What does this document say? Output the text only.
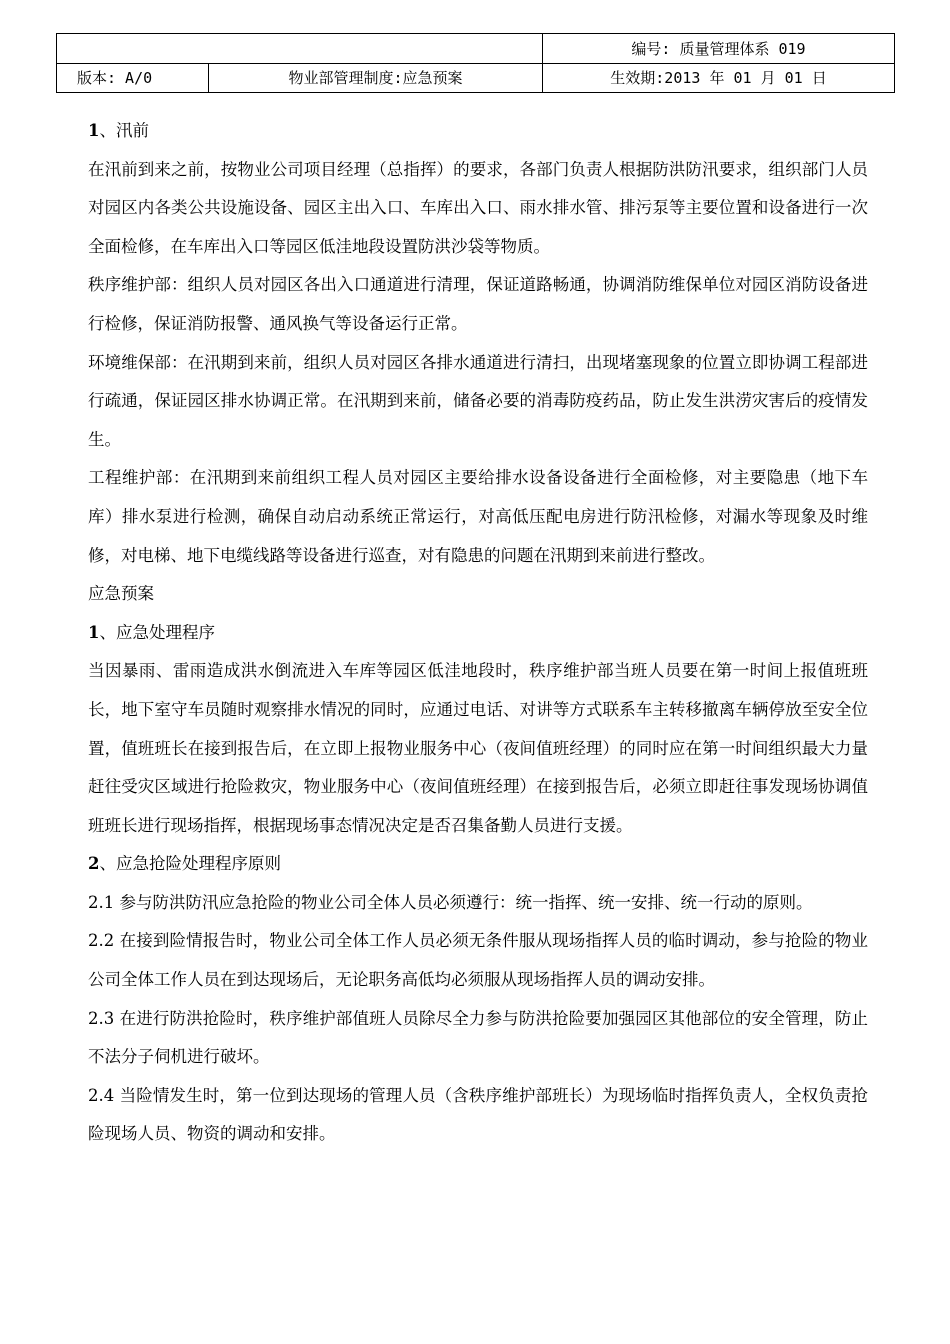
		编号: 质量管理体系 019
版本: A/0	物业部管理制度:应急预案	生效期:2013 年 01 月 01 日

1、汛前

在汛前到来之前，按物业公司项目经理（总指挥）的要求，各部门负责人根据防洪防汛要求，组织部门人员对园区内各类公共设施设备、园区主出入口、车库出入口、雨水排水管、排污泵等主要位置和设备进行一次全面检修，在车库出入口等园区低洼地段设置防洪沙袋等物质。

秩序维护部：组织人员对园区各出入口通道进行清理，保证道路畅通，协调消防维保单位对园区消防设备进行检修，保证消防报警、通风换气等设备运行正常。

环境维保部：在汛期到来前，组织人员对园区各排水通道进行清扫，出现堵塞现象的位置立即协调工程部进行疏通，保证园区排水协调正常。在汛期到来前，储备必要的消毒防疫药品，防止发生洪涝灾害后的疫情发生。

工程维护部：在汛期到来前组织工程人员对园区主要给排水设备设备进行全面检修，对主要隐患（地下车库）排水泵进行检测，确保自动启动系统正常运行，对高低压配电房进行防汛检修，对漏水等现象及时维修，对电梯、地下电缆线路等设备进行巡查，对有隐患的问题在汛期到来前进行整改。

应急预案

1、应急处理程序

当因暴雨、雷雨造成洪水倒流进入车库等园区低洼地段时，秩序维护部当班人员要在第一时间上报值班班长，地下室守车员随时观察排水情况的同时，应通过电话、对讲等方式联系车主转移撤离车辆停放至安全位置，值班班长在接到报告后，在立即上报物业服务中心（夜间值班经理）的同时应在第一时间组织最大力量赶往受灾区域进行抢险救灾，物业服务中心（夜间值班经理）在接到报告后，必须立即赶往事发现场协调值班班长进行现场指挥，根据现场事态情况决定是否召集备勤人员进行支援。

2、应急抢险处理程序原则

2.1 参与防洪防汛应急抢险的物业公司全体人员必须遵行：统一指挥、统一安排、统一行动的原则。

2.2 在接到险情报告时，物业公司全体工作人员必须无条件服从现场指挥人员的临时调动，参与抢险的物业公司全体工作人员在到达现场后，无论职务高低均必须服从现场指挥人员的调动安排。

2.3 在进行防洪抢险时，秩序维护部值班人员除尽全力参与防洪抢险要加强园区其他部位的安全管理，防止不法分子伺机进行破坏。

2.4 当险情发生时，第一位到达现场的管理人员（含秩序维护部班长）为现场临时指挥负责人，全权负责抢险现场人员、物资的调动和安排。
